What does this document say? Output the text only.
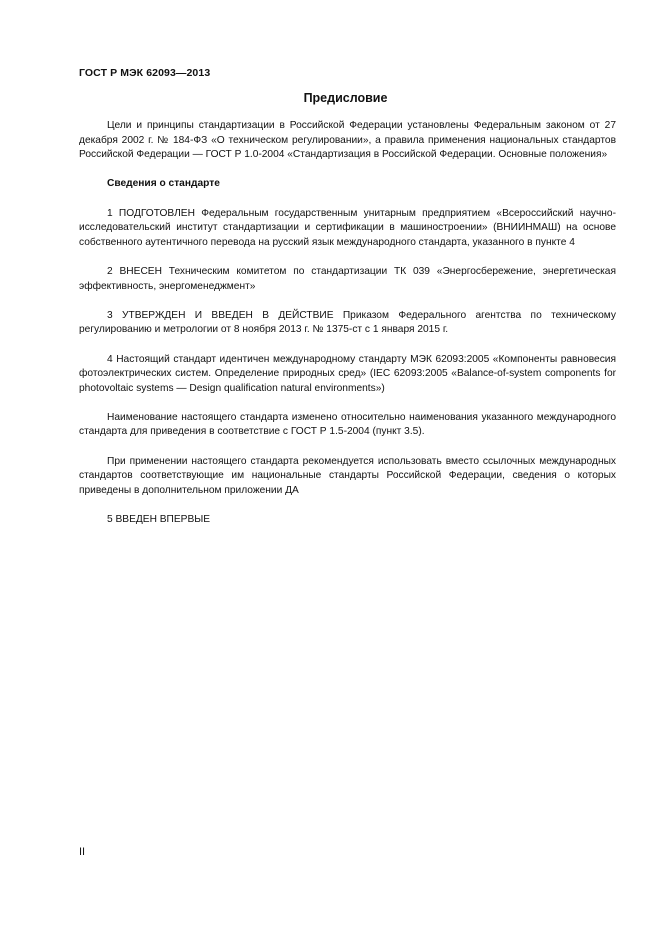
ГОСТ Р МЭК 62093—2013
Предисловие

Цели и принципы стандартизации в Российской Федерации установлены Федеральным законом от 27 декабря 2002 г. № 184-ФЗ «О техническом регулировании», а правила применения национальных стандартов Российской Федерации — ГОСТ Р 1.0-2004 «Стандартизация в Российской Федерации. Основные положения»

Сведения о стандарте

1 ПОДГОТОВЛЕН Федеральным государственным унитарным предприятием «Всероссийский научно-исследовательский институт стандартизации и сертификации в машиностроении» (ВНИИНМАШ) на основе собственного аутентичного перевода на русский язык международного стандарта, указанного в пункте 4

2 ВНЕСЕН Техническим комитетом по стандартизации ТК 039 «Энергосбережение, энергетическая эффективность, энергоменеджмент»

3 УТВЕРЖДЕН И ВВЕДЕН В ДЕЙСТВИЕ Приказом Федерального агентства по техническому регулированию и метрологии от 8 ноября 2013 г. № 1375-ст с 1 января 2015 г.

4 Настоящий стандарт идентичен международному стандарту МЭК 62093:2005 «Компоненты равновесия фотоэлектрических систем. Определение природных сред» (IEC 62093:2005 «Balance-of-system components for photovoltaic systems — Design qualification natural environments»)

Наименование настоящего стандарта изменено относительно наименования указанного международного стандарта для приведения в соответствие с ГОСТ Р 1.5-2004 (пункт 3.5).

При применении настоящего стандарта рекомендуется использовать вместо ссылочных международных стандартов соответствующие им национальные стандарты Российской Федерации, сведения о которых приведены в дополнительном приложении ДА

5 ВВЕДЕН ВПЕРВЫЕ

II
